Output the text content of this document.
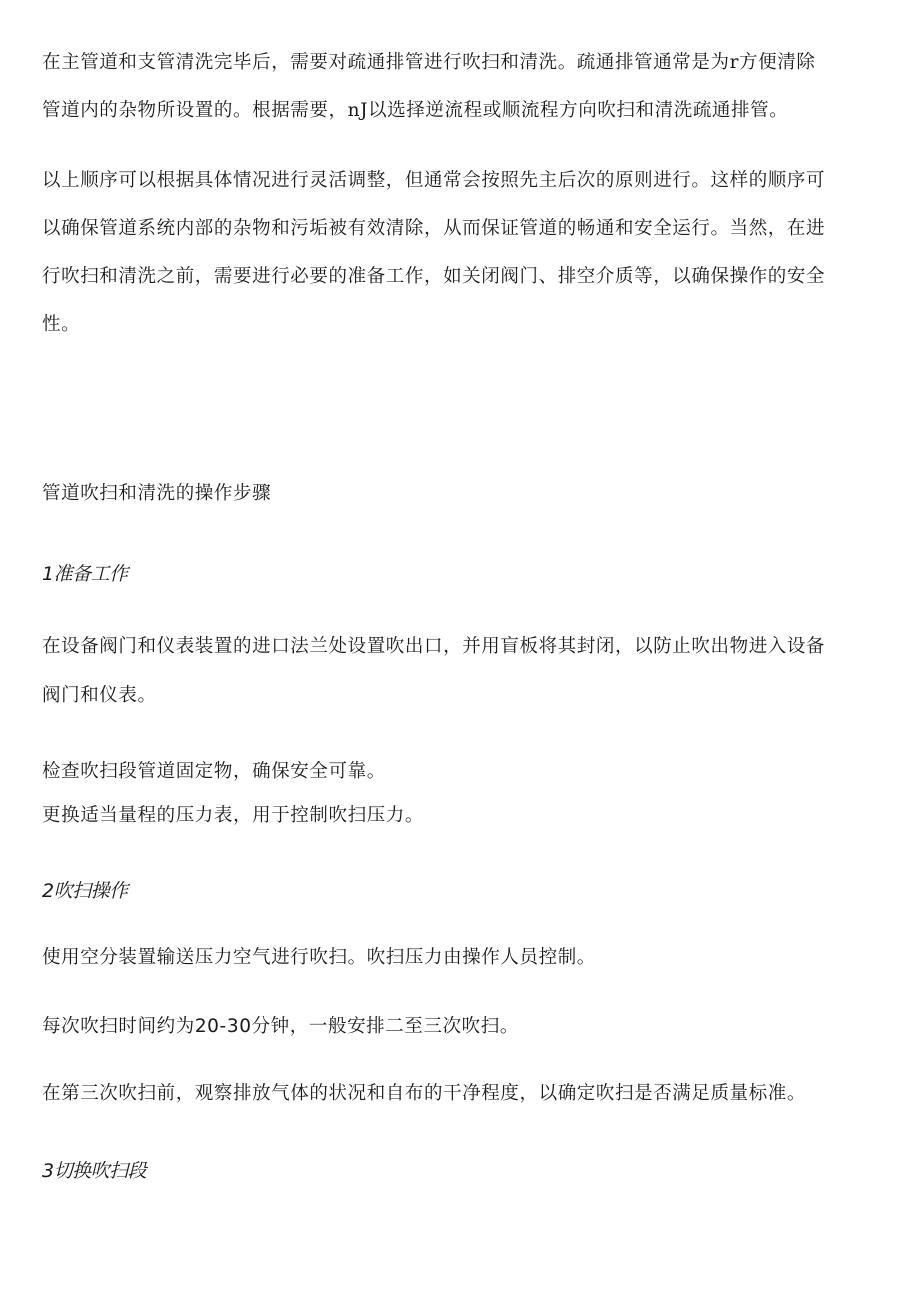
在主管道和支管清洗完毕后，需要对疏通排管进行吹扫和清洗。疏通排管通常是为r方便清除

管道内的杂物所设置的。根据需要，nJ以选择逆流程或顺流程方向吹扫和清洗疏通排管。

以上顺序可以根据具体情况进行灵活调整，但通常会按照先主后次的原则进行。这样的顺序可

以确保管道系统内部的杂物和污垢被有效清除，从而保证管道的畅通和安全运行。当然，在进

行吹扫和清洗之前，需要进行必要的准备工作，如关闭阀门、排空介质等，以确保操作的安全

性。

管道吹扫和清洗的操作步骤

1准备工作

在设备阀门和仪表装置的进口法兰处设置吹出口，并用盲板将其封闭，以防止吹出物进入设备

阀门和仪表。

检查吹扫段管道固定物，确保安全可靠。

更换适当量程的压力表，用于控制吹扫压力。

2吹扫操作

使用空分装置输送压力空气进行吹扫。吹扫压力由操作人员控制。

每次吹扫时间约为20-30分钟，一般安排二至三次吹扫。

在第三次吹扫前，观察排放气体的状况和自布的干净程度，以确定吹扫是否满足质量标准。

3切换吹扫段
